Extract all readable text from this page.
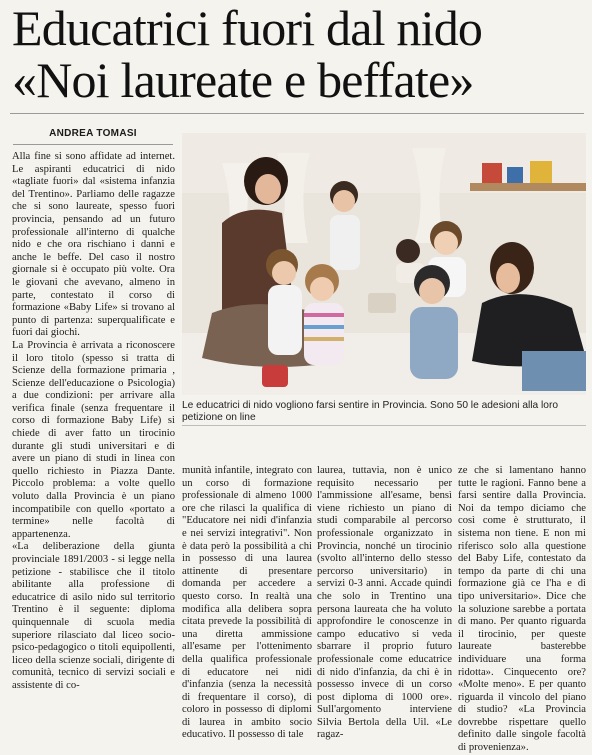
Educatrici fuori dal nido
«Noi laureate e beffate»
ANDREA TOMASI

Alla fine si sono affidate ad internet. Le aspiranti educatrici di nido «tagliate fuori» dal «sistema infanzia del Trentino». Parliamo delle ragazze che si sono laureate, spesso fuori provincia, pensando ad un futuro professionale all'interno di qualche nido e che ora rischiano i danni e anche le beffe. Del caso il nostro giornale si è occupato più volte. Ora le giovani che avevano, almeno in parte, contestato il corso di formazione «Baby Life» si trovano al punto di partenza: superqualificate e fuori dai giochi.

La Provincia è arrivata a riconoscere il loro titolo (spesso si tratta di Scienze della formazione primaria , Scienze dell'educazione o Psicologia) a due condizioni: per arrivare alla verifica finale (senza frequentare il corso di formazione Baby Life) si chiede di aver fatto un tirocinio durante gli studi universitari e di avere un piano di studi in linea con quello richiesto in Piazza Dante. Piccolo problema: a volte quello voluto dalla Provincia è un piano incompatibile con quello «portato a termine» nelle facoltà di appartenenza.

«La deliberazione della giunta provinciale 1891/2003 - si legge nella petizione - stabilisce che il titolo abilitante alla professione di educatrice di asilo nido sul territorio Trentino è il seguente: diploma quinquennale di scuola media superiore rilasciato dal liceo socio-psico-pedagogico o titoli equipollenti, liceo della scienze sociali, dirigente di comunità, tecnico di servizi sociali e assistente di co-

Le educatrici di nido vogliono farsi sentire in Provincia. Sono 50 le adesioni alla loro petizione on line

munità infantile, integrato con un corso di formazione professionale di almeno 1000 ore che rilasci la qualifica di "Educatore nei nidi d'infanzia e nei servizi integrativi". Non è data però la possibilità a chi in possesso di una laurea attinente di presentare domanda per accedere a questo corso. In realtà una modifica alla delibera sopra citata prevede la possibilità di una diretta ammissione all'esame per l'ottenimento della qualifica professionale di educatore nei nidi d'infanzia (senza la necessità di frequentare il corso), di coloro in possesso di diplomi di laurea in ambito socio educativo. Il possesso di tale

laurea, tuttavia, non è unico requisito necessario per l'ammissione all'esame, bensì viene richiesto un piano di studi comparabile al percorso professionale organizzato in Provincia, nonché un tirocinio (svolto all'interno dello stesso percorso universitario) in servizi 0-3 anni. Accade quindi che solo in Trentino una persona laureata che ha voluto approfondire le conoscenze in campo educativo si veda sbarrare il proprio futuro professionale come educatrice di nido d'infanzia, da chi è in possesso invece di un corso post diploma di 1000 ore». Sull'argomento interviene Silvia Bertola della Uil. «Le ragaz-

ze che si lamentano hanno tutte le ragioni. Fanno bene a farsi sentire dalla Provincia. Noi da tempo diciamo che così come è strutturato, il sistema non tiene. E non mi riferisco solo alla questione del Baby Life, contestato da tempo da parte di chi una formazione già ce l'ha e di tipo universitario». Dice che la soluzione sarebbe a portata di mano. Per quanto riguarda il tirocinio, per queste laureate basterebbe individuare una forma ridotta». Cinquecento ore? «Molte meno». E per quanto riguarda il vincolo del piano di studio? «La Provincia dovrebbe rispettare quello definito dalle singole facoltà di provenienza».
